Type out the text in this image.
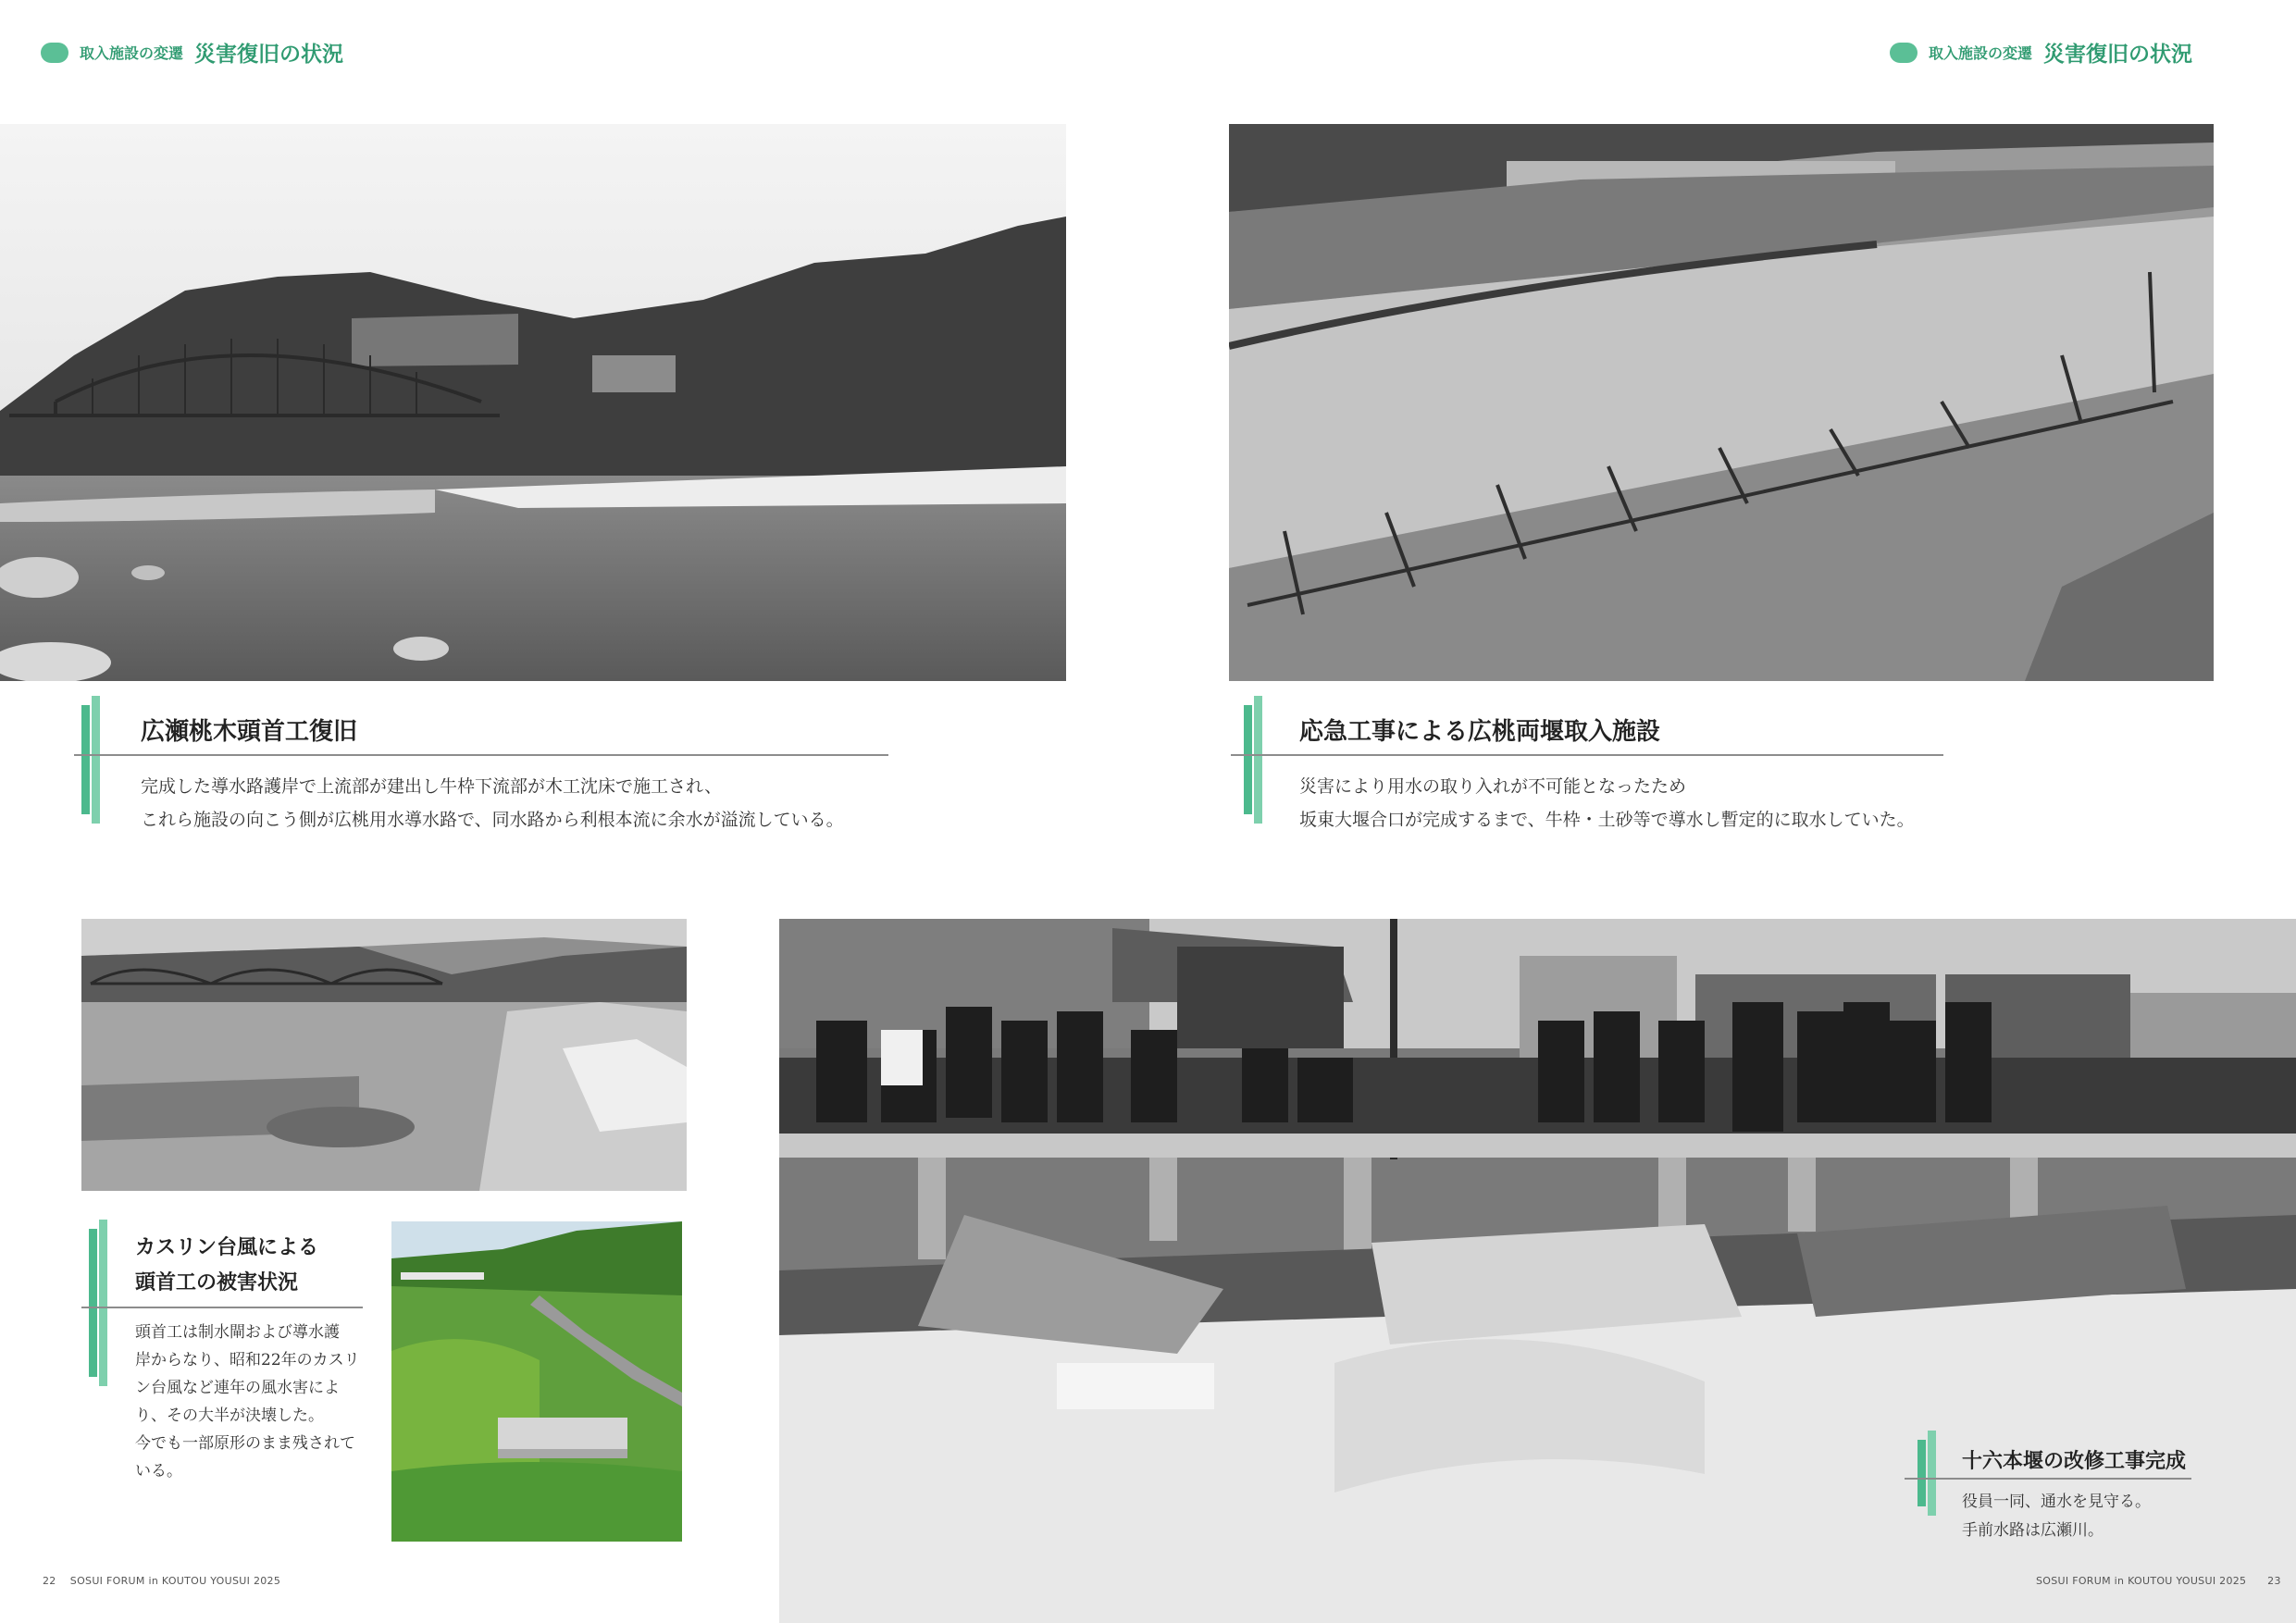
取入施設の変遷 災害復旧の状況	取入施設の変遷 災害復旧の状況
広瀬桃木頭首工復旧
完成した導水路護岸で上流部が建出し牛枠下流部が木工沈床で施工され、
これら施設の向こう側が広桃用水導水路で、同水路から利根本流に余水が溢流している。
応急工事による広桃両堰取入施設
災害により用水の取り入れが不可能となったため
坂東大堰合口が完成するまで、牛枠・土砂等で導水し暫定的に取水していた。
カスリン台風による
頭首工の被害状況
頭首工は制水閘および導水護
岸からなり、昭和22年のカスリ
ン台風など連年の風水害によ
り、その大半が決壊した。
今でも一部原形のまま残されて
いる。	十六本堰の改修工事完成
役員一同、通水を見守る。
手前水路は広瀬川。
22 SOSUI FORUM in KOUTOU YOUSUI 2025	SOSUI FORUM in KOUTOU YOUSUI 2025 23
